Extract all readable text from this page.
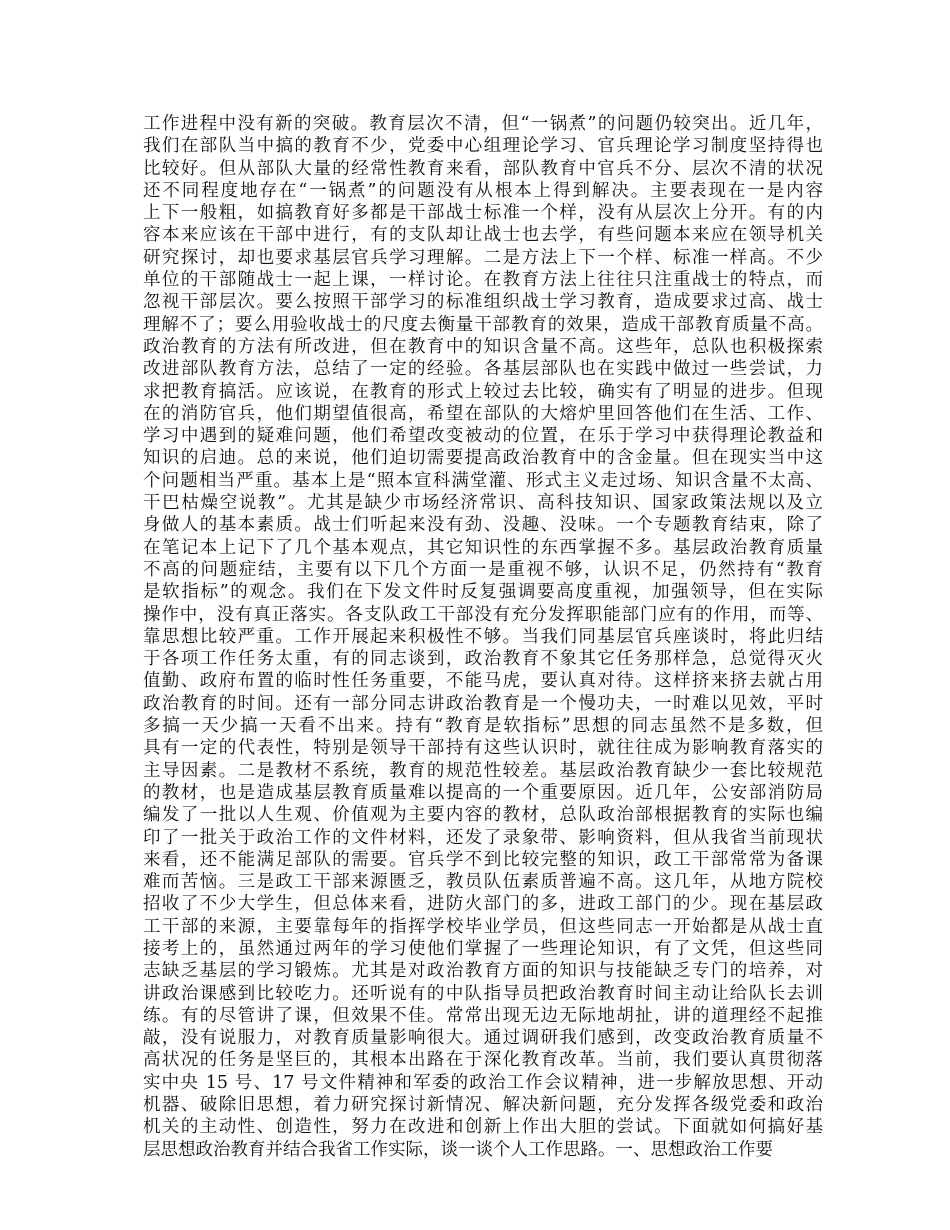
工作进程中没有新的突破。教育层次不清，但“一锅煮”的问题仍较突出。近几年，
我们在部队当中搞的教育不少，党委中心组理论学习、官兵理论学习制度坚持得也
比较好。但从部队大量的经常性教育来看，部队教育中官兵不分、层次不清的状况
还不同程度地存在“一锅煮”的问题没有从根本上得到解决。主要表现在一是内容
上下一般粗，如搞教育好多都是干部战士标准一个样，没有从层次上分开。有的内
容本来应该在干部中进行，有的支队却让战士也去学，有些问题本来应在领导机关
研究探讨，却也要求基层官兵学习理解。二是方法上下一个样、标准一样高。不少
单位的干部随战士一起上课，一样讨论。在教育方法上往往只注重战士的特点，而
忽视干部层次。要么按照干部学习的标准组织战士学习教育，造成要求过高、战士
理解不了；要么用验收战士的尺度去衡量干部教育的效果，造成干部教育质量不高。
政治教育的方法有所改进，但在教育中的知识含量不高。这些年，总队也积极探索
改进部队教育方法，总结了一定的经验。各基层部队也在实践中做过一些尝试，力
求把教育搞活。应该说，在教育的形式上较过去比较，确实有了明显的进步。但现
在的消防官兵，他们期望值很高，希望在部队的大熔炉里回答他们在生活、工作、
学习中遇到的疑难问题，他们希望改变被动的位置，在乐于学习中获得理论教益和
知识的启迪。总的来说，他们迫切需要提高政治教育中的含金量。但在现实当中这
个问题相当严重。基本上是“照本宣科满堂灌、形式主义走过场、知识含量不太高、
干巴枯燥空说教”。尤其是缺少市场经济常识、高科技知识、国家政策法规以及立
身做人的基本素质。战士们听起来没有劲、没趣、没味。一个专题教育结束，除了
在笔记本上记下了几个基本观点，其它知识性的东西掌握不多。基层政治教育质量
不高的问题症结，主要有以下几个方面一是重视不够，认识不足，仍然持有“教育
是软指标”的观念。我们在下发文件时反复强调要高度重视，加强领导，但在实际
操作中，没有真正落实。各支队政工干部没有充分发挥职能部门应有的作用，而等、
靠思想比较严重。工作开展起来积极性不够。当我们同基层官兵座谈时，将此归结
于各项工作任务太重，有的同志谈到，政治教育不象其它任务那样急，总觉得灭火
值勤、政府布置的临时性任务重要，不能马虎，要认真对待。这样挤来挤去就占用
政治教育的时间。还有一部分同志讲政治教育是一个慢功夫，一时难以见效，平时
多搞一天少搞一天看不出来。持有“教育是软指标”思想的同志虽然不是多数，但
具有一定的代表性，特别是领导干部持有这些认识时，就往往成为影响教育落实的
主导因素。二是教材不系统，教育的规范性较差。基层政治教育缺少一套比较规范
的教材，也是造成基层教育质量难以提高的一个重要原因。近几年，公安部消防局
编发了一批以人生观、价值观为主要内容的教材，总队政治部根据教育的实际也编
印了一批关于政治工作的文件材料，还发了录象带、影响资料，但从我省当前现状
来看，还不能满足部队的需要。官兵学不到比较完整的知识，政工干部常常为备课
难而苦恼。三是政工干部来源匮乏，教员队伍素质普遍不高。这几年，从地方院校
招收了不少大学生，但总体来看，进防火部门的多，进政工部门的少。现在基层政
工干部的来源，主要靠每年的指挥学校毕业学员，但这些同志一开始都是从战士直
接考上的，虽然通过两年的学习使他们掌握了一些理论知识，有了文凭，但这些同
志缺乏基层的学习锻炼。尤其是对政治教育方面的知识与技能缺乏专门的培养，对
讲政治课感到比较吃力。还听说有的中队指导员把政治教育时间主动让给队长去训
练。有的尽管讲了课，但效果不佳。常常出现无边无际地胡扯，讲的道理经不起推
敲，没有说服力，对教育质量影响很大。通过调研我们感到，改变政治教育质量不
高状况的任务是坚巨的，其根本出路在于深化教育改革。当前，我们要认真贯彻落
实中央 15 号、17 号文件精神和军委的政治工作会议精神，进一步解放思想、开动
机器、破除旧思想，着力研究探讨新情况、解决新问题，充分发挥各级党委和政治
机关的主动性、创造性，努力在改进和创新上作出大胆的尝试。下面就如何搞好基
层思想政治教育并结合我省工作实际，谈一谈个人工作思路。一、思想政治工作要
